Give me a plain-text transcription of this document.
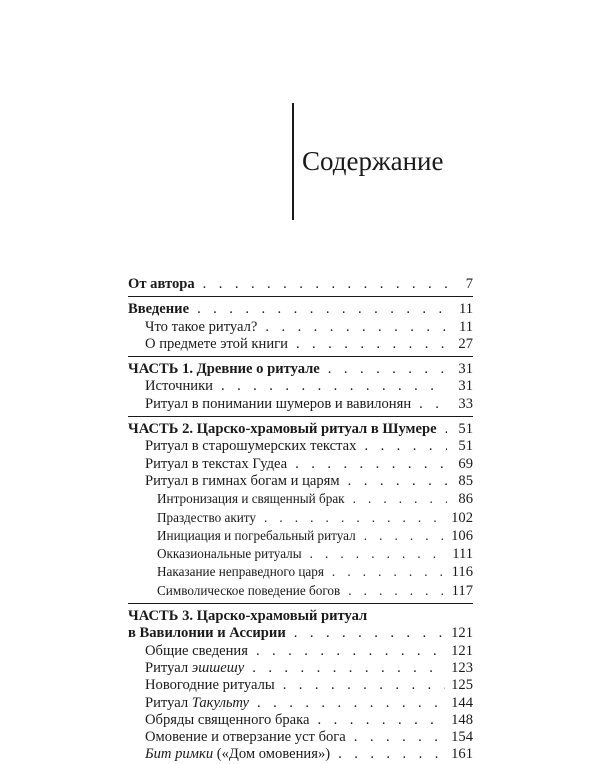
Содержание
От автора . . .	7
Введение . . .	11
Что такое ритуал? . . .	11
О предмете этой книги . . .	27
ЧАСТЬ 1. Древние о ритуале . . .	31
Источники . . .	31
Ритуал в понимании шумеров и вавилонян . . .	33
ЧАСТЬ 2. Царско-храмовый ритуал в Шумере . . .	51
Ритуал в старошумерских текстах . . .	51
Ритуал в текстах Гудеа . . .	69
Ритуал в гимнах богам и царям . . .	85
Интронизация и священный брак . . .	86
Праздество акиту . . .	102
Инициация и погребальный ритуал . . .	106
Окказиональные ритуалы . . .	111
Наказание неправедного царя . . .	116
Символическое поведение богов . . .	117
ЧАСТЬ 3. Царско-храмовый ритуал
в Вавилонии и Ассирии . . .	121
Общие сведения . . .	121
Ритуал эшшешу . . .	123
Новогодние ритуалы . . .	125
Ритуал Такульту . . .	144
Обряды священного брака . . .	148
Омовение и отверзание уст бога . . .	154
Бит римки («Дом омовения») . . .	161
